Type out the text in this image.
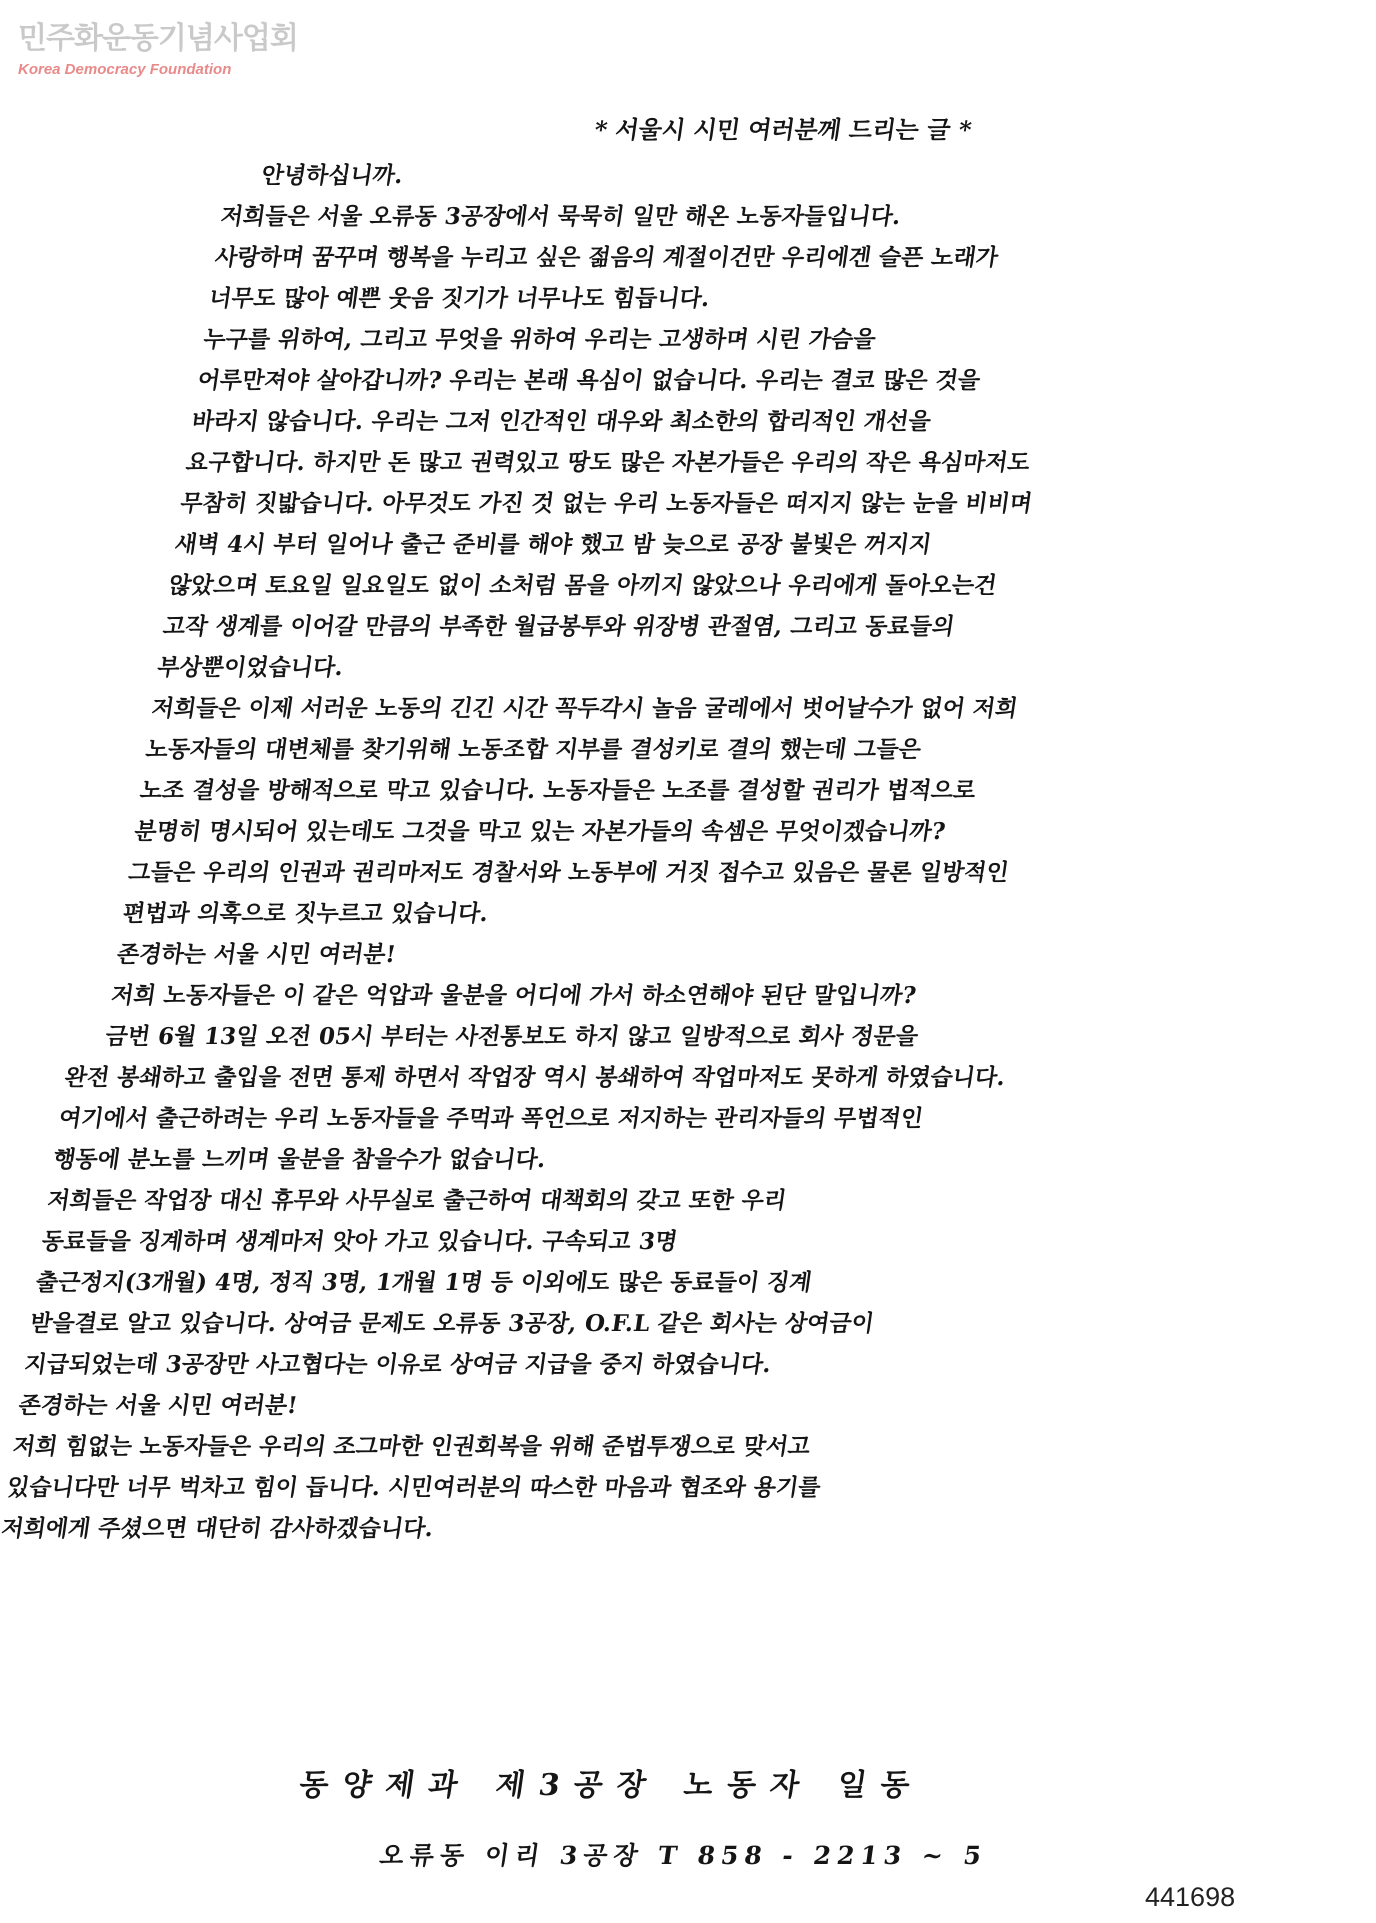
민주화운동기념사업회
Korea Democracy Foundation
* 서울시 시민 여러분께 드리는 글 *
안녕하십니까.
저희들은 서울 오류동 3공장에서 묵묵히 일만 해온 노동자들입니다.
사랑하며 꿈꾸며 행복을 누리고 싶은 젊음의 계절이건만 우리에겐 슬픈 노래가
너무도 많아 예쁜 웃음 짓기가 너무나도 힘듭니다.
누구를 위하여, 그리고 무엇을 위하여 우리는 고생하며 시린 가슴을
어루만져야 살아갑니까? 우리는 본래 욕심이 없습니다. 우리는 결코 많은 것을
바라지 않습니다. 우리는 그저 인간적인 대우와 최소한의 합리적인 개선을
요구합니다. 하지만 돈 많고 권력있고 땅도 많은 자본가들은 우리의 작은 욕심마저도
무참히 짓밟습니다. 아무것도 가진 것 없는 우리 노동자들은 떠지지 않는 눈을 비비며
새벽 4시 부터 일어나 출근 준비를 해야 했고 밤 늦으로 공장 불빛은 꺼지지
않았으며 토요일 일요일도 없이 소처럼 몸을 아끼지 않았으나 우리에게 돌아오는건
고작 생계를 이어갈 만큼의 부족한 월급봉투와 위장병 관절염, 그리고 동료들의
부상뿐이었습니다.
저희들은 이제 서러운 노동의 긴긴 시간 꼭두각시 놀음 굴레에서 벗어날수가 없어 저희
노동자들의 대변체를 찾기위해 노동조합 지부를 결성키로 결의 했는데 그들은
노조 결성을 방해적으로 막고 있습니다. 노동자들은 노조를 결성할 권리가 법적으로
분명히 명시되어 있는데도 그것을 막고 있는 자본가들의 속셈은 무엇이겠습니까?
그들은 우리의 인권과 권리마저도 경찰서와 노동부에 거짓 접수고 있음은 물론 일방적인
편법과 의혹으로 짓누르고 있습니다.
존경하는 서울 시민 여러분!
저희 노동자들은 이 같은 억압과 울분을 어디에 가서 하소연해야 된단 말입니까?
금번 6월 13일 오전 05시 부터는 사전통보도 하지 않고 일방적으로 회사 정문을
완전 봉쇄하고 출입을 전면 통제 하면서 작업장 역시 봉쇄하여 작업마저도 못하게 하였습니다.
여기에서 출근하려는 우리 노동자들을 주먹과 폭언으로 저지하는 관리자들의 무법적인
행동에 분노를 느끼며 울분을 참을수가 없습니다.
저희들은 작업장 대신 휴무와 사무실로 출근하여 대책회의 갖고 또한 우리
동료들을 징계하며 생계마저 앗아 가고 있습니다. 구속되고 3명
출근정지(3개월) 4명, 정직 3명, 1개월 1명 등 이외에도 많은 동료들이 징계
받을결로 알고 있습니다. 상여금 문제도 오류동 3공장, O.F.L 같은 회사는 상여금이
지급되었는데 3공장만 사고협다는 이유로 상여금 지급을 중지 하였습니다.
존경하는 서울 시민 여러분!
저희 힘없는 노동자들은 우리의 조그마한 인권회복을 위해 준법투쟁으로 맞서고
있습니다만 너무 벅차고 힘이 듭니다. 시민여러분의 따스한 마음과 협조와 용기를
저희에게 주셨으면 대단히 감사하겠습니다.
동양제과 제3공장 노동자 일동
오류동 이리 3공장 T 858 - 2213 ~ 5
441698
